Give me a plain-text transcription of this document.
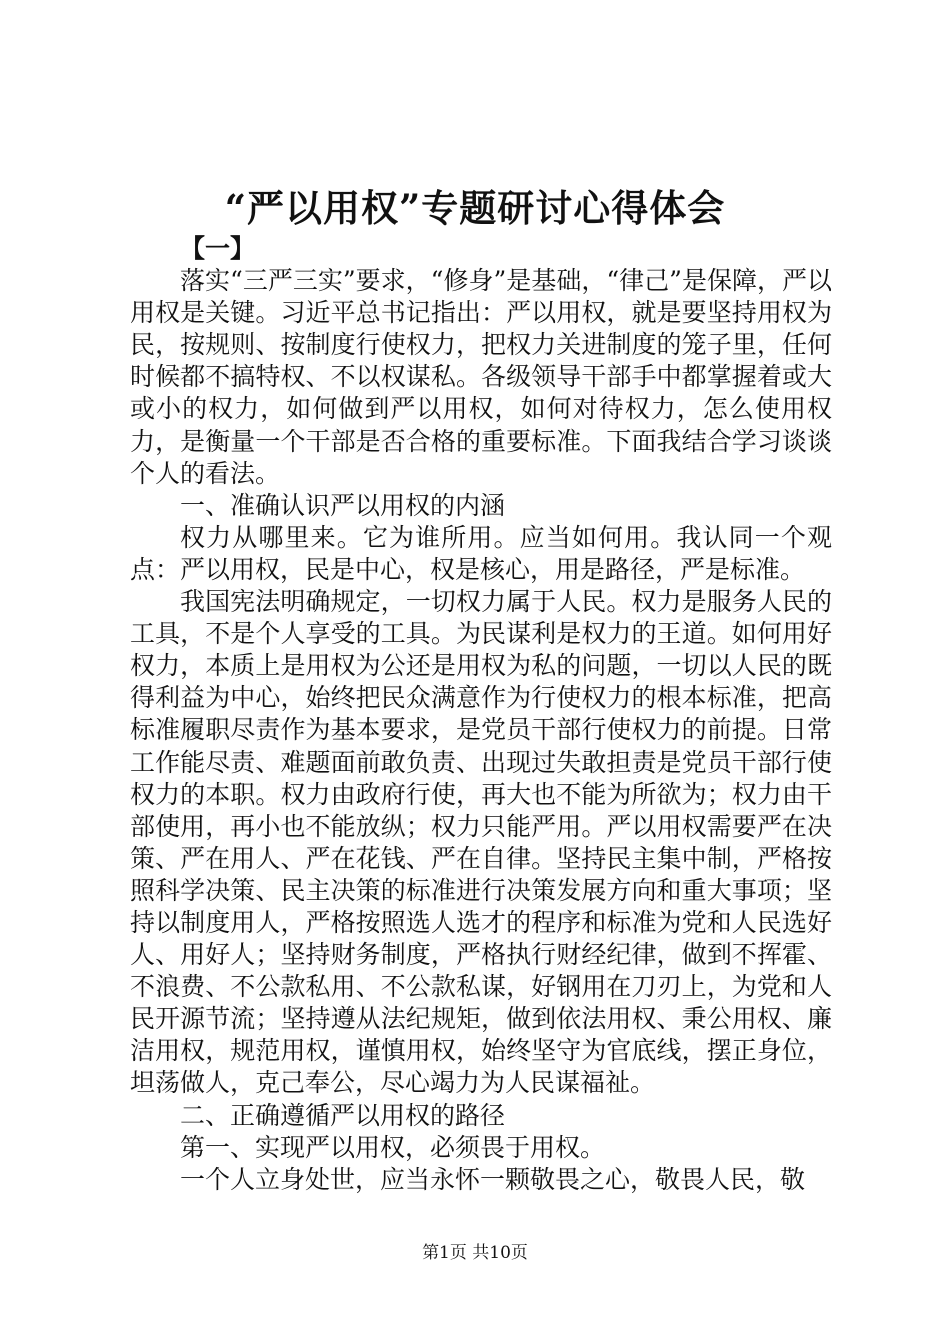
“严以用权”专题研讨心得体会

【一】

落实“三严三实”要求，“修身”是基础，“律己”是保障，严以用权是关键。习近平总书记指出：严以用权，就是要坚持用权为民，按规则、按制度行使权力，把权力关进制度的笼子里，任何时候都不搞特权、不以权谋私。各级领导干部手中都掌握着或大或小的权力，如何做到严以用权，如何对待权力，怎么使用权力，是衡量一个干部是否合格的重要标准。下面我结合学习谈谈个人的看法。

一、准确认识严以用权的内涵

权力从哪里来。它为谁所用。应当如何用。我认同一个观点：严以用权，民是中心，权是核心，用是路径，严是标准。

我国宪法明确规定，一切权力属于人民。权力是服务人民的工具，不是个人享受的工具。为民谋利是权力的王道。如何用好权力，本质上是用权为公还是用权为私的问题，一切以人民的既得利益为中心，始终把民众满意作为行使权力的根本标准，把高标准履职尽责作为基本要求，是党员干部行使权力的前提。日常工作能尽责、难题面前敢负责、出现过失敢担责是党员干部行使权力的本职。权力由政府行使，再大也不能为所欲为；权力由干部使用，再小也不能放纵；权力只能严用。严以用权需要严在决策、严在用人、严在花钱、严在自律。坚持民主集中制，严格按照科学决策、民主决策的标准进行决策发展方向和重大事项；坚持以制度用人，严格按照选人选才的程序和标准为党和人民选好人、用好人；坚持财务制度，严格执行财经纪律，做到不挥霍、不浪费、不公款私用、不公款私谋，好钢用在刀刃上，为党和人民开源节流；坚持遵从法纪规矩，做到依法用权、秉公用权、廉洁用权，规范用权，谨慎用权，始终坚守为官底线，摆正身位，坦荡做人，克己奉公，尽心竭力为人民谋福祉。

二、正确遵循严以用权的路径

第一、实现严以用权，必须畏于用权。

一个人立身处世，应当永怀一颗敬畏之心，敬畏人民，敬

第1页 共10页
